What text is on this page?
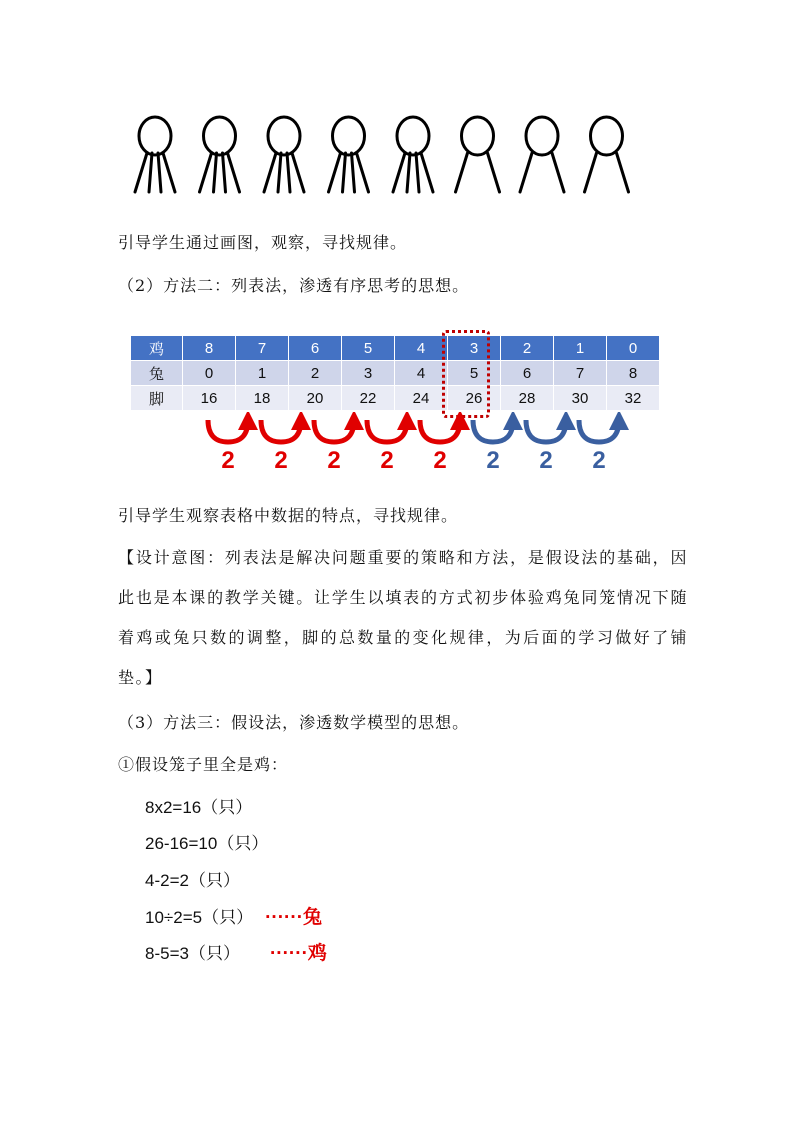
引导学生通过画图，观察，寻找规律。
（2）方法二：列表法，渗透有序思考的思想。
鸡	8	7	6	5	4	3	2	1	0
兔	0	1	2	3	4	5	6	7	8
脚	16	18	20	22	24	26	28	30	32
2 2 2 2 2 2 2 2
引导学生观察表格中数据的特点，寻找规律。
【设计意图：列表法是解决问题重要的策略和方法，是假设法的基础，因此也是本课的教学关键。让学生以填表的方式初步体验鸡兔同笼情况下随着鸡或兔只数的调整，脚的总数量的变化规律，为后面的学习做好了铺垫。】
（3）方法三：假设法，渗透数学模型的思想。
①假设笼子里全是鸡：
8x2=16（只）
26-16=10（只）
4-2=2（只）
10÷2=5（只） ······兔
8-5=3（只） ······鸡
